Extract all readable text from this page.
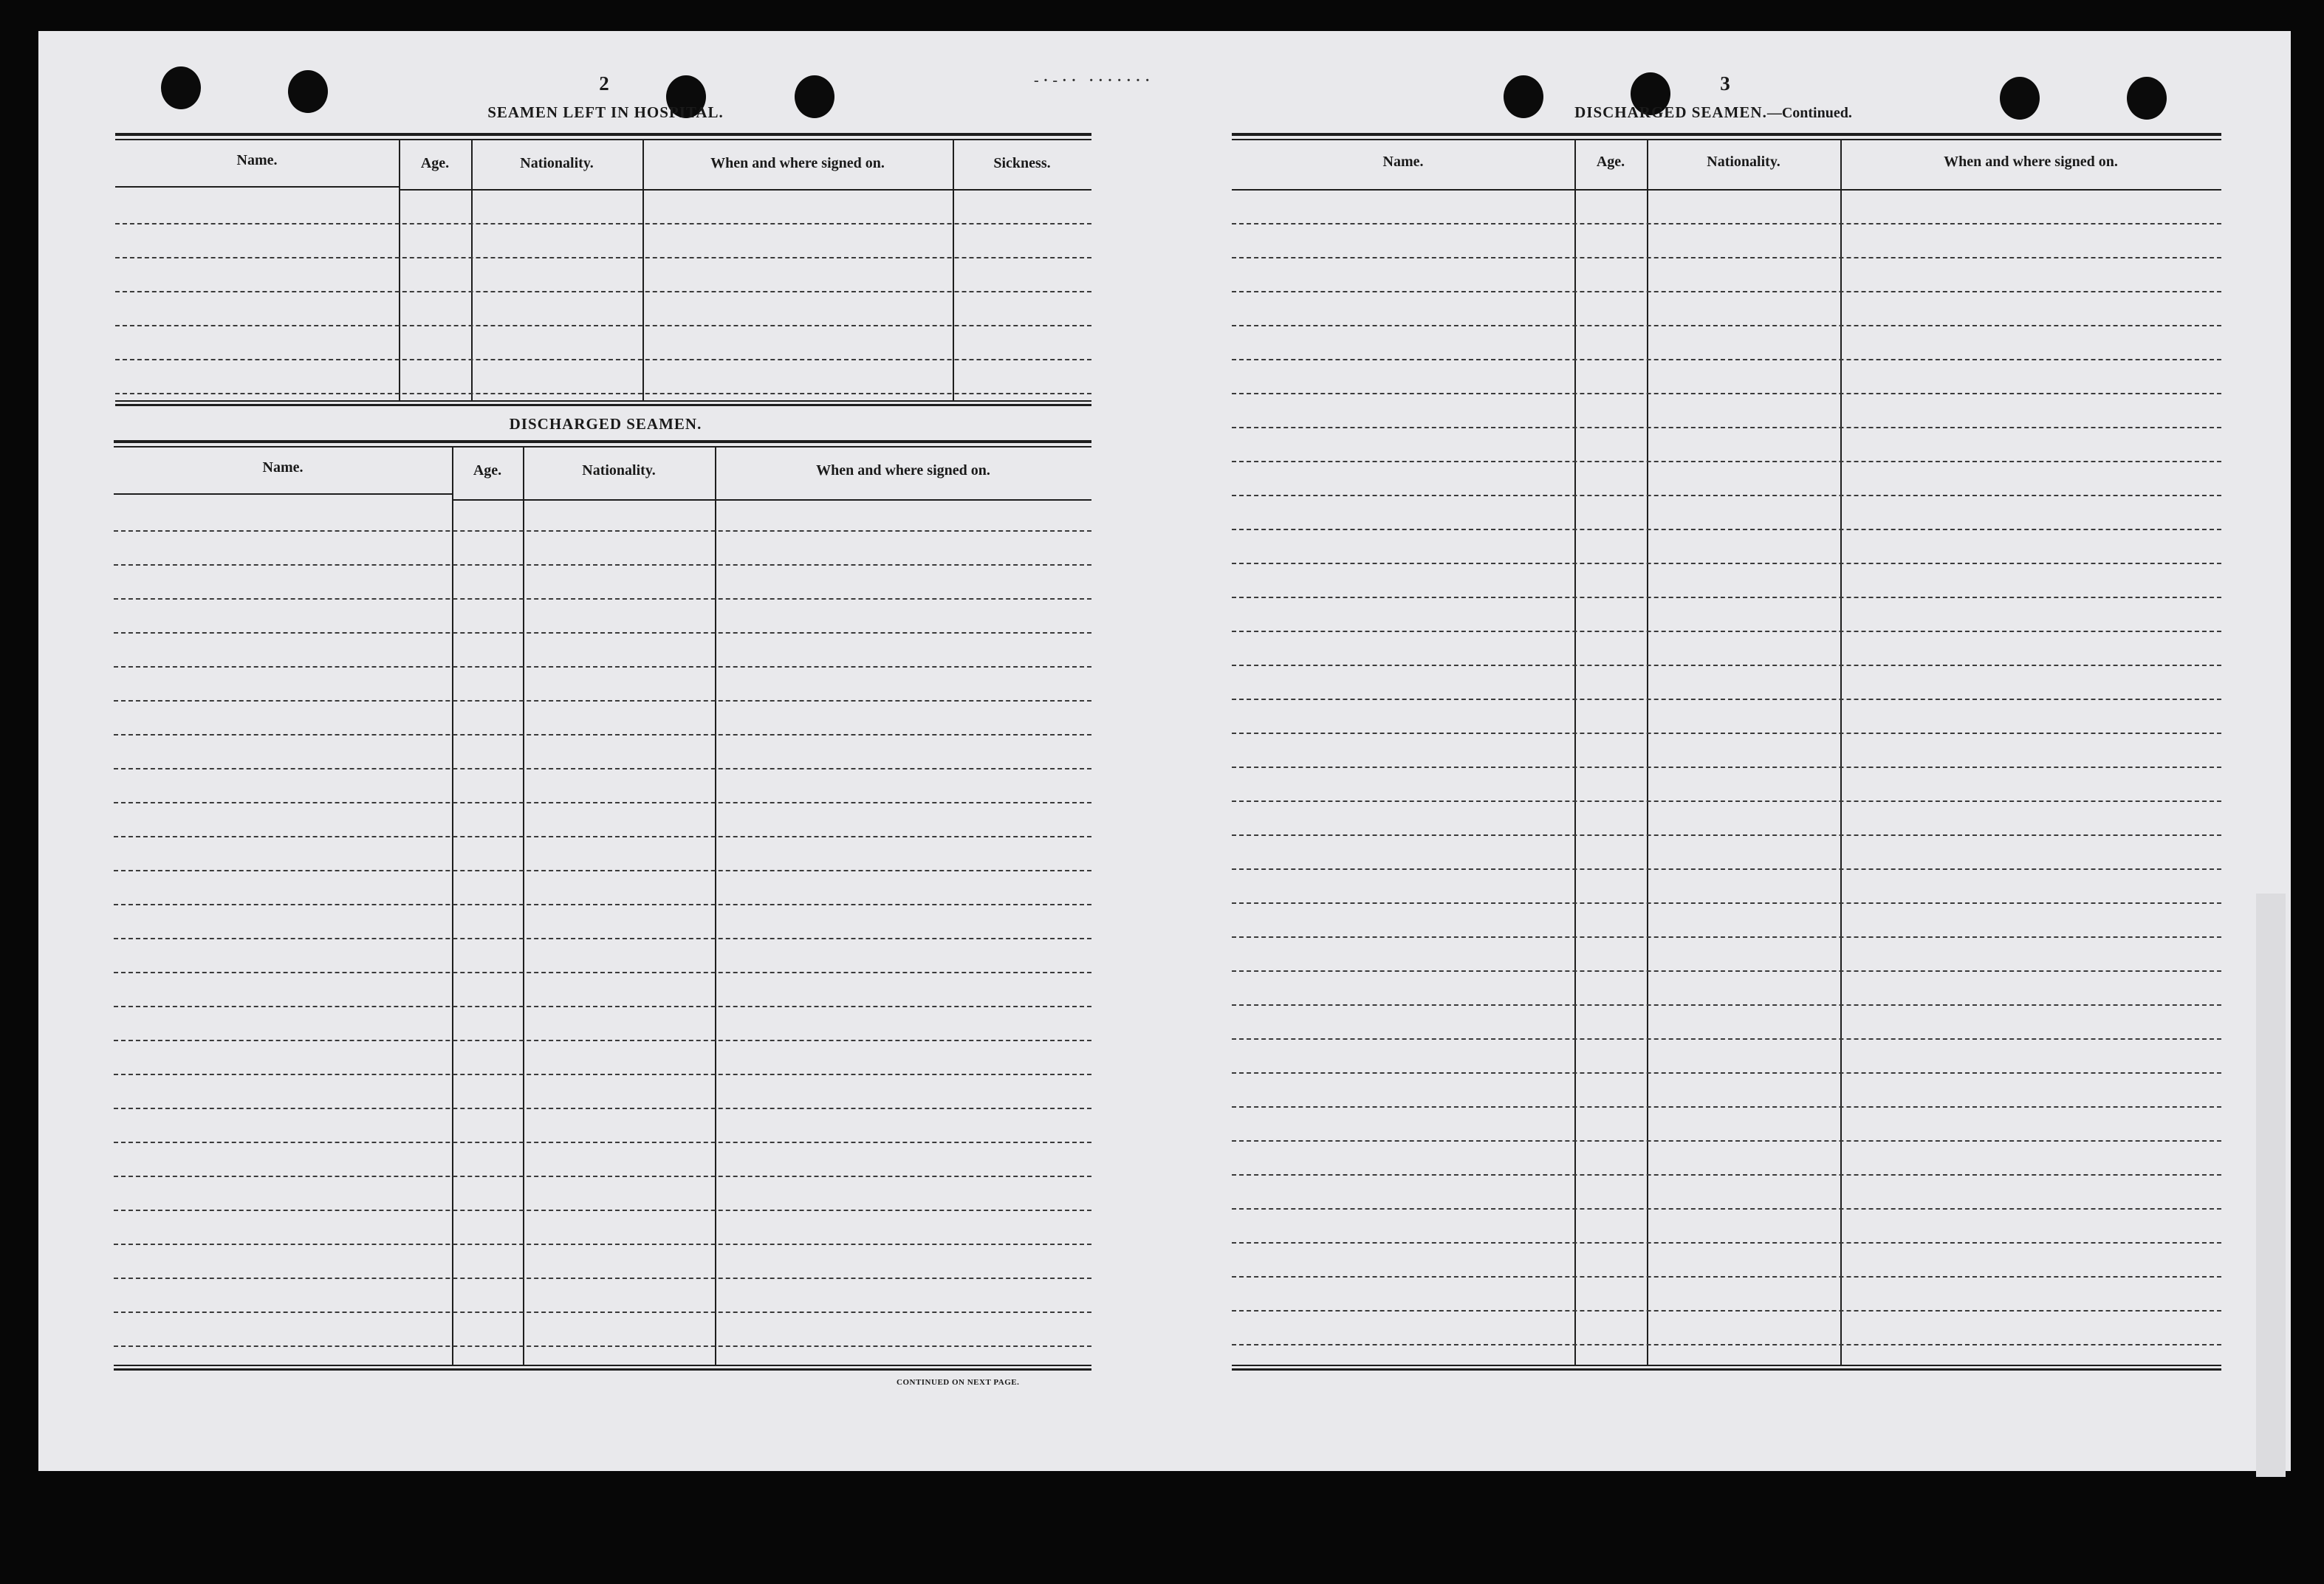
-·-·· ·······
2
SEAMEN LEFT IN HOSPITAL.
Name.	Age.	Nationality.	When and where signed on.	Sickness.
DISCHARGED SEAMEN.
Name.	Age.	Nationality.	When and where signed on.
CONTINUED ON NEXT PAGE.
3
DISCHARGED SEAMEN.—Continued.
Name.	Age.	Nationality.	When and where signed on.
